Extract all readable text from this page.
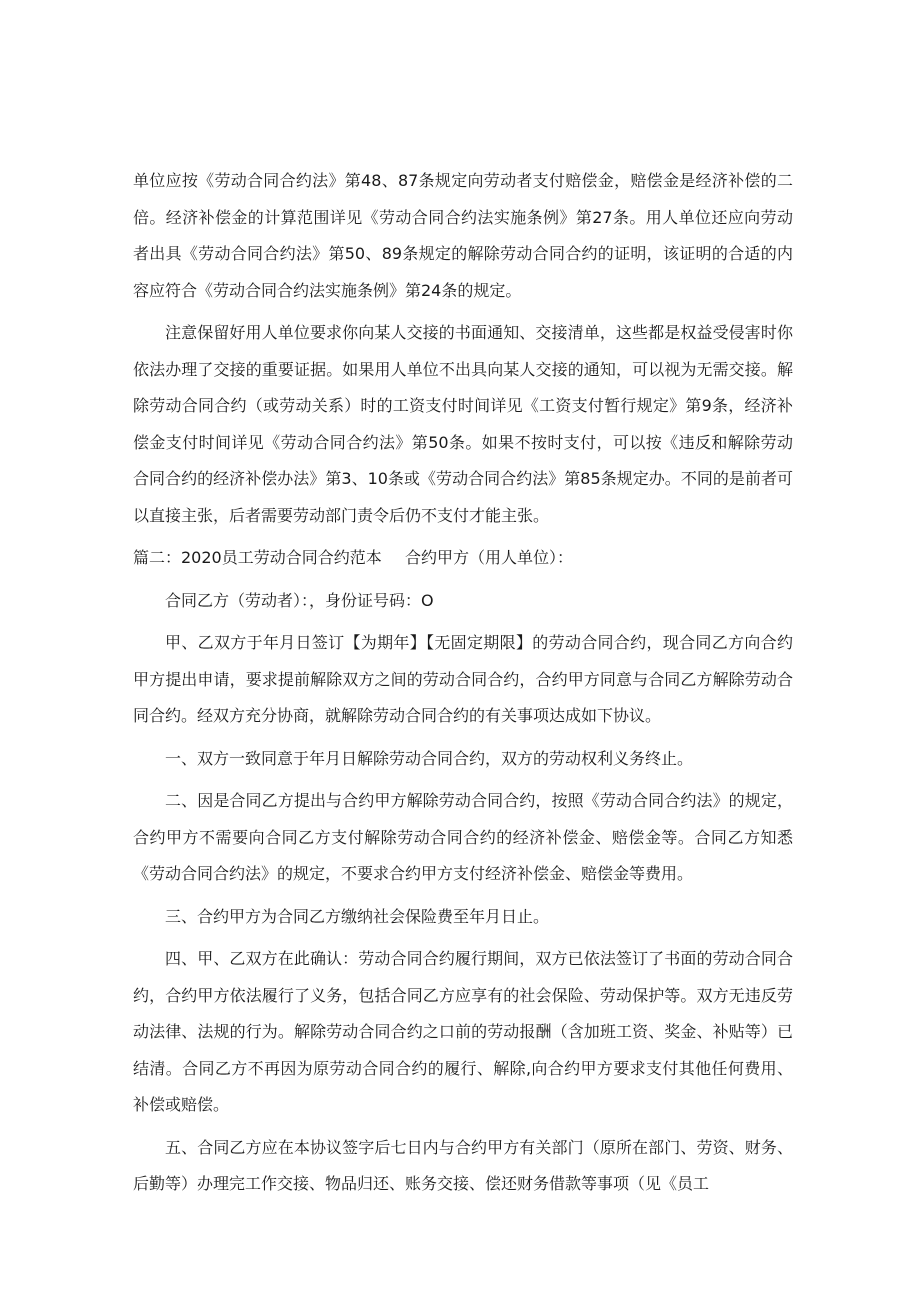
单位应按《劳动合同合约法》第48、87条规定向劳动者支付赔偿金，赔偿金是经济补偿的二倍。经济补偿金的计算范围详见《劳动合同合约法实施条例》第27条。用人单位还应向劳动者出具《劳动合同合约法》第50、89条规定的解除劳动合同合约的证明，该证明的合适的内容应符合《劳动合同合约法实施条例》第24条的规定。

注意保留好用人单位要求你向某人交接的书面通知、交接清单，这些都是权益受侵害时你依法办理了交接的重要证据。如果用人单位不出具向某人交接的通知，可以视为无需交接。解除劳动合同合约（或劳动关系）时的工资支付时间详见《工资支付暂行规定》第9条，经济补偿金支付时间详见《劳动合同合约法》第50条。如果不按时支付，可以按《违反和解除劳动合同合约的经济补偿办法》第3、10条或《劳动合同合约法》第85条规定办。不同的是前者可以直接主张，后者需要劳动部门责令后仍不支付才能主张。

篇二：2020员工劳动合同合约范本	合约甲方（用人单位）：

合同乙方（劳动者）：，身份证号码：O

甲、乙双方于年月日签订【为期年】【无固定期限】的劳动合同合约，现合同乙方向合约甲方提出申请，要求提前解除双方之间的劳动合同合约，合约甲方同意与合同乙方解除劳动合同合约。经双方充分协商，就解除劳动合同合约的有关事项达成如下协议。

一、双方一致同意于年月日解除劳动合同合约，双方的劳动权利义务终止。

二、因是合同乙方提出与合约甲方解除劳动合同合约，按照《劳动合同合约法》的规定，合约甲方不需要向合同乙方支付解除劳动合同合约的经济补偿金、赔偿金等。合同乙方知悉《劳动合同合约法》的规定，不要求合约甲方支付经济补偿金、赔偿金等费用。

三、合约甲方为合同乙方缴纳社会保险费至年月日止。

四、甲、乙双方在此确认：劳动合同合约履行期间，双方已依法签订了书面的劳动合同合约，合约甲方依法履行了义务，包括合同乙方应享有的社会保险、劳动保护等。双方无违反劳动法律、法规的行为。解除劳动合同合约之口前的劳动报酬（含加班工资、奖金、补贴等）已结清。合同乙方不再因为原劳动合同合约的履行、解除,向合约甲方要求支付其他任何费用、补偿或赔偿。

五、合同乙方应在本协议签字后七日内与合约甲方有关部门（原所在部门、劳资、财务、后勤等）办理完工作交接、物品归还、账务交接、偿还财务借款等事项（见《员工
